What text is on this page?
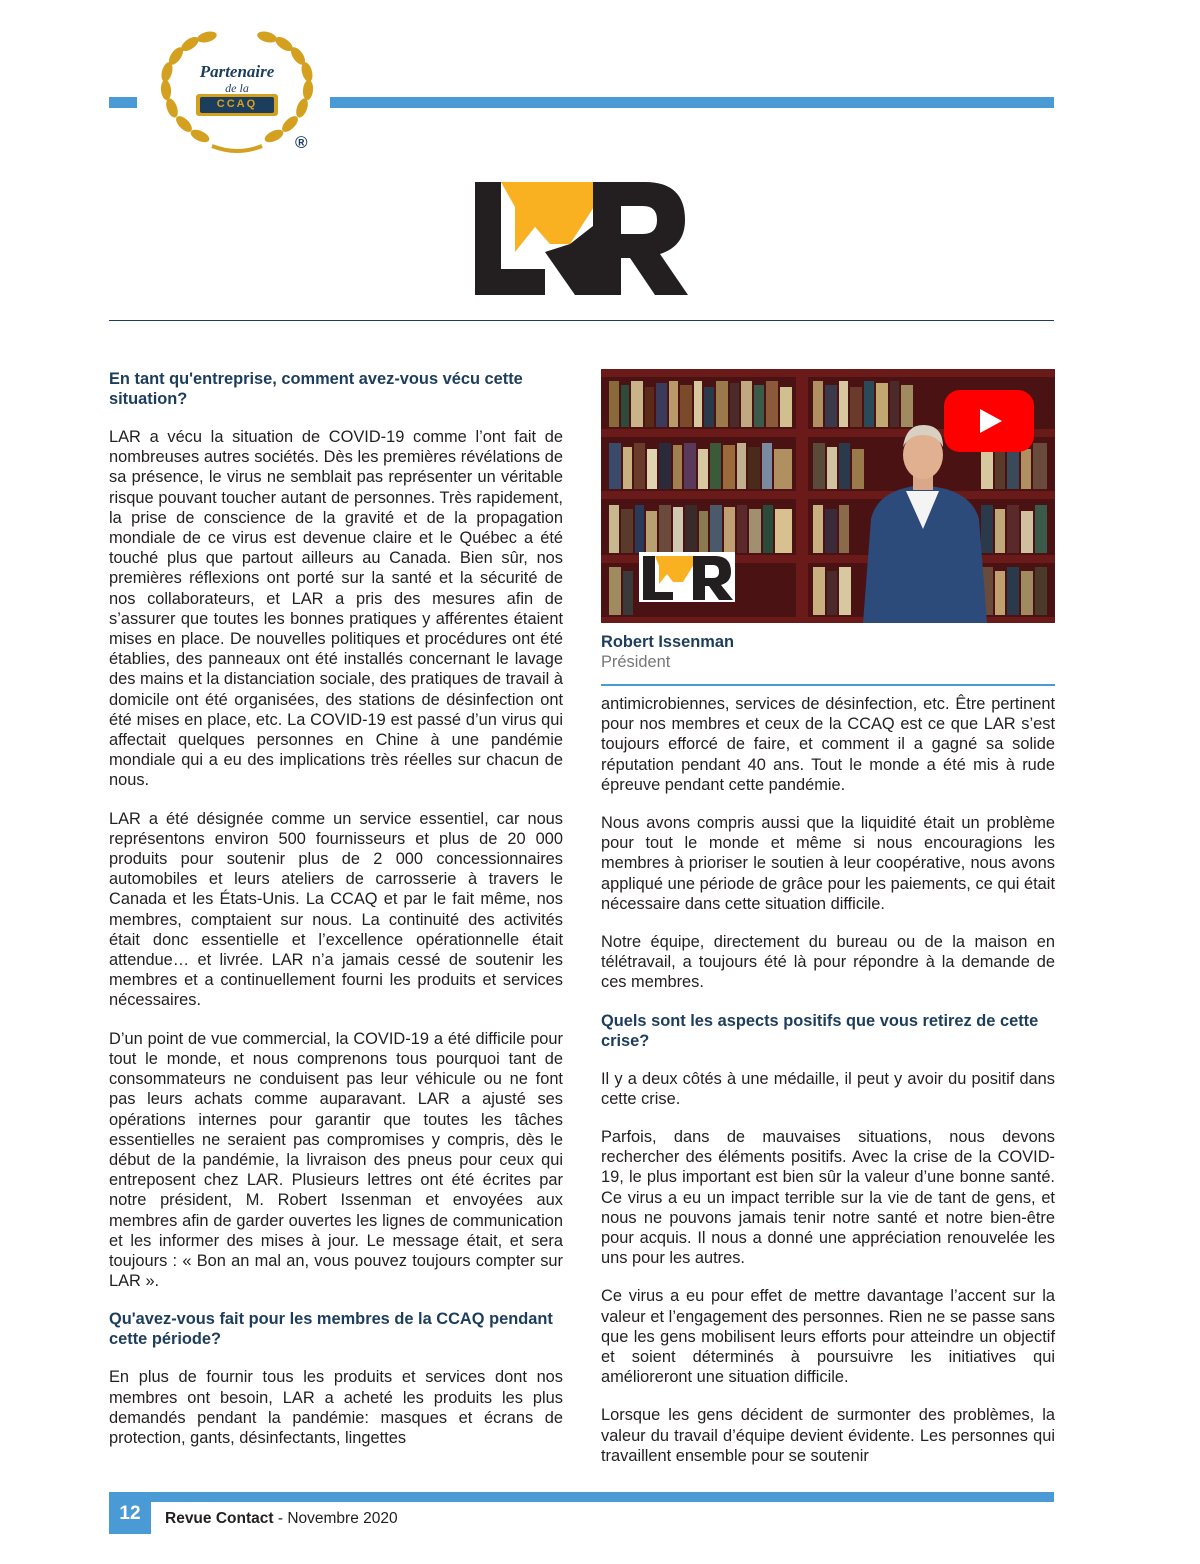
Partenaire
de la
CCAQ
®
En tant qu'entreprise, comment avez-vous vécu cette situation?
LAR a vécu la situation de COVID-19 comme l’ont fait de nombreuses autres sociétés. Dès les premières révélations de sa présence, le virus ne semblait pas représenter un véritable risque pouvant toucher autant de personnes. Très rapidement, la prise de conscience de la gravité et de la propagation mondiale de ce virus est devenue claire et le Québec a été touché plus que partout ailleurs au Canada. Bien sûr, nos premières réflexions ont porté sur la santé et la sécurité de nos collaborateurs, et LAR a pris des mesures afin de s’assurer que toutes les bonnes pratiques y afférentes étaient mises en place. De nouvelles politiques et procédures ont été établies, des panneaux ont été installés concernant le lavage des mains et la distanciation sociale, des pratiques de travail à domicile ont été organisées, des stations de désinfection ont été mises en place, etc. La COVID-19 est passé d’un virus qui affectait quelques personnes en Chine à une pandémie mondiale qui a eu des implications très réelles sur chacun de nous.
LAR a été désignée comme un service essentiel, car nous représentons environ 500 fournisseurs et plus de 20 000 produits pour soutenir plus de 2 000 concessionnaires automobiles et leurs ateliers de carrosserie à travers le Canada et les États-Unis. La CCAQ et par le fait même, nos membres, comptaient sur nous. La continuité des activités était donc essentielle et l’excellence opérationnelle était attendue… et livrée. LAR n’a jamais cessé de soutenir les membres et a continuellement fourni les produits et services nécessaires.
D’un point de vue commercial, la COVID-19 a été difficile pour tout le monde, et nous comprenons tous pourquoi tant de consommateurs ne conduisent pas leur véhicule ou ne font pas leurs achats comme auparavant. LAR a ajusté ses opérations internes pour garantir que toutes les tâches essentielles ne seraient pas compromises y compris, dès le début de la pandémie, la livraison des pneus pour ceux qui entreposent chez LAR. Plusieurs lettres ont été écrites par notre président, M. Robert Issenman et envoyées aux membres afin de garder ouvertes les lignes de communication et les informer des mises à jour. Le message était, et sera toujours : « Bon an mal an, vous pouvez toujours compter sur LAR ».
Qu'avez-vous fait pour les membres de la CCAQ pendant cette période?
En plus de fournir tous les produits et services dont nos membres ont besoin, LAR a acheté les produits les plus demandés pendant la pandémie: masques et écrans de protection, gants, désinfectants, lingettes
Robert Issenman
Président
antimicrobiennes, services de désinfection, etc. Être pertinent pour nos membres et ceux de la CCAQ est ce que LAR s’est toujours efforcé de faire, et comment il a gagné sa solide réputation pendant 40 ans. Tout le monde a été mis à rude épreuve pendant cette pandémie.
Nous avons compris aussi que la liquidité était un problème pour tout le monde et même si nous encouragions les membres à prioriser le soutien à leur coopérative, nous avons appliqué une période de grâce pour les paiements, ce qui était nécessaire dans cette situation difficile.
Notre équipe, directement du bureau ou de la maison en télétravail, a toujours été là pour répondre à la demande de ces membres.
Quels sont les aspects positifs que vous retirez de cette crise?
Il y a deux côtés à une médaille, il peut y avoir du positif dans cette crise.
Parfois, dans de mauvaises situations, nous devons rechercher des éléments positifs. Avec la crise de la COVID-19, le plus important est bien sûr la valeur d’une bonne santé. Ce virus a eu un impact terrible sur la vie de tant de gens, et nous ne pouvons jamais tenir notre santé et notre bien-être pour acquis. Il nous a donné une appréciation renouvelée les uns pour les autres.
Ce virus a eu pour effet de mettre davantage l’accent sur la valeur et l’engagement des personnes. Rien ne se passe sans que les gens mobilisent leurs efforts pour atteindre un objectif et soient déterminés à poursuivre les initiatives qui amélioreront une situation difficile.
Lorsque les gens décident de surmonter des problèmes, la valeur du travail d’équipe devient évidente. Les personnes qui travaillent ensemble pour se soutenir
12	Revue Contact - Novembre 2020
